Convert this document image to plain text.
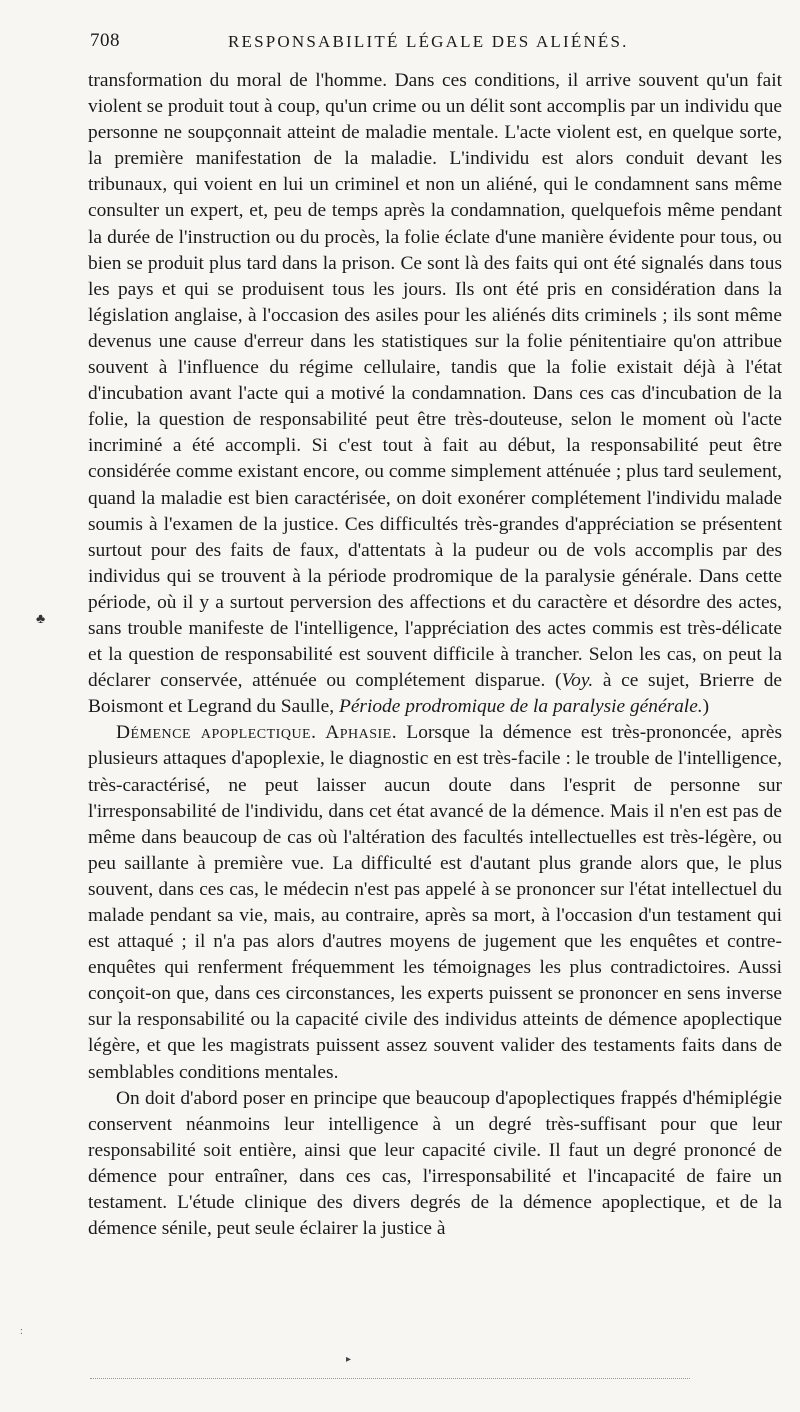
708	RESPONSABILITÉ LÉGALE DES ALIÉNÉS.

transformation du moral de l'homme. Dans ces conditions, il arrive souvent qu'un fait violent se produit tout à coup, qu'un crime ou un délit sont accomplis par un individu que personne ne soupçonnait atteint de maladie mentale. L'acte violent est, en quelque sorte, la première manifestation de la maladie. L'individu est alors conduit devant les tribunaux, qui voient en lui un criminel et non un aliéné, qui le condamnent sans même consulter un expert, et, peu de temps après la condamnation, quelquefois même pendant la durée de l'instruction ou du procès, la folie éclate d'une manière évidente pour tous, ou bien se produit plus tard dans la prison. Ce sont là des faits qui ont été signalés dans tous les pays et qui se produisent tous les jours. Ils ont été pris en considération dans la législation anglaise, à l'occasion des asiles pour les aliénés dits criminels ; ils sont même devenus une cause d'erreur dans les statistiques sur la folie pénitentiaire qu'on attribue souvent à l'influence du régime cellulaire, tandis que la folie existait déjà à l'état d'incubation avant l'acte qui a motivé la condamnation. Dans ces cas d'incubation de la folie, la question de responsabilité peut être très-douteuse, selon le moment où l'acte incriminé a été accompli. Si c'est tout à fait au début, la responsabilité peut être considérée comme existant encore, ou comme simplement atténuée ; plus tard seulement, quand la maladie est bien caractérisée, on doit exonérer complétement l'individu malade soumis à l'examen de la justice. Ces difficultés très-grandes d'appréciation se présentent surtout pour des faits de faux, d'attentats à la pudeur ou de vols accomplis par des individus qui se trouvent à la période prodromique de la paralysie générale. Dans cette période, où il y a surtout perversion des affections et du caractère et désordre des actes, sans trouble manifeste de l'intelligence, l'appréciation des actes commis est très-délicate et la question de responsabilité est souvent difficile à trancher. Selon les cas, on peut la déclarer conservée, atténuée ou complétement disparue. (Voy. à ce sujet, Brierre de Boismont et Legrand du Saulle, Période prodromique de la paralysie générale.)

Démence apoplectique. Aphasie. Lorsque la démence est très-prononcée, après plusieurs attaques d'apoplexie, le diagnostic en est très-facile : le trouble de l'intelligence, très-caractérisé, ne peut laisser aucun doute dans l'esprit de personne sur l'irresponsabilité de l'individu, dans cet état avancé de la démence. Mais il n'en est pas de même dans beaucoup de cas où l'altération des facultés intellectuelles est très-légère, ou peu saillante à première vue. La difficulté est d'autant plus grande alors que, le plus souvent, dans ces cas, le médecin n'est pas appelé à se prononcer sur l'état intellectuel du malade pendant sa vie, mais, au contraire, après sa mort, à l'occasion d'un testament qui est attaqué ; il n'a pas alors d'autres moyens de jugement que les enquêtes et contre-enquêtes qui renferment fréquemment les témoignages les plus contradictoires. Aussi conçoit-on que, dans ces circonstances, les experts puissent se prononcer en sens inverse sur la responsabilité ou la capacité civile des individus atteints de démence apoplectique légère, et que les magistrats puissent assez souvent valider des testaments faits dans de semblables conditions mentales.

On doit d'abord poser en principe que beaucoup d'apoplectiques frappés d'hémiplégie conservent néanmoins leur intelligence à un degré très-suffisant pour que leur responsabilité soit entière, ainsi que leur capacité civile. Il faut un degré prononcé de démence pour entraîner, dans ces cas, l'irresponsabilité et l'incapacité de faire un testament. L'étude clinique des divers degrés de la démence apoplectique, et de la démence sénile, peut seule éclairer la justice à

♣
▸
:
